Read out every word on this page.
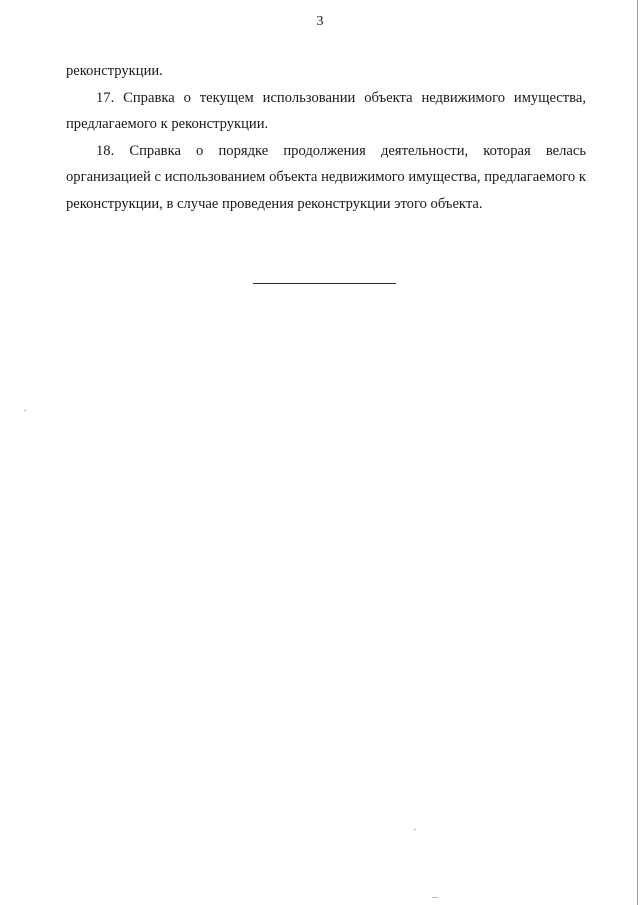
3

реконструкции.

17. Справка о текущем использовании объекта недвижимого имущества, предлагаемого к реконструкции.

18. Справка о порядке продолжения деятельности, которая велась организацией с использованием объекта недвижимого имущества, предлагаемого к реконструкции, в случае проведения реконструкции этого объекта.
